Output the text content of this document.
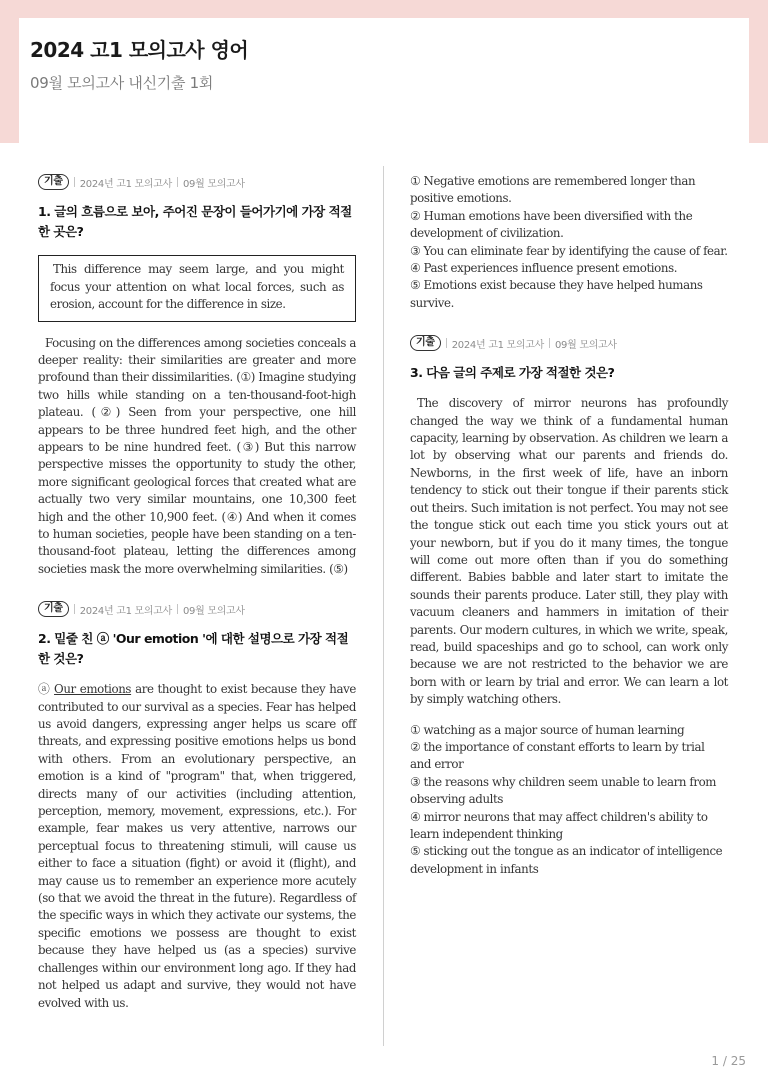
2024 고1 모의고사 영어
09월 모의고사 내신기출 1회
기출	2024년 고1 모의고사 09월 모의고사
1. 글의 흐름으로 보아, 주어진 문장이 들어가기에 가장 적절한 곳은?
This difference may seem large, and you might focus your attention on what local forces, such as erosion, account for the difference in size.
Focusing on the differences among societies conceals a deeper reality: their similarities are greater and more profound than their dissimilarities. (①) Imagine studying two hills while standing on a ten-thousand-foot-high plateau. (②) Seen from your perspective, one hill appears to be three hundred feet high, and the other appears to be nine hundred feet. (③) But this narrow perspective misses the opportunity to study the other, more significant geological forces that created what are actually two very similar mountains, one 10,300 feet high and the other 10,900 feet. (④) And when it comes to human societies, people have been standing on a ten-thousand-foot plateau, letting the differences among societies mask the more overwhelming similarities. (⑤)
기출	2024년 고1 모의고사 09월 모의고사
2. 밑줄 친 ⓐ 'Our emotion '에 대한 설명으로 가장 적절한 것은?
ⓐ Our emotions are thought to exist because they have contributed to our survival as a species. Fear has helped us avoid dangers, expressing anger helps us scare off threats, and expressing positive emotions helps us bond with others. From an evolutionary perspective, an emotion is a kind of "program" that, when triggered, directs many of our activities (including attention, perception, memory, movement, expressions, etc.). For example, fear makes us very attentive, narrows our perceptual focus to threatening stimuli, will cause us either to face a situation (fight) or avoid it (flight), and may cause us to remember an experience more acutely (so that we avoid the threat in the future). Regardless of the specific ways in which they activate our systems, the specific emotions we possess are thought to exist because they have helped us (as a species) survive challenges within our environment long ago. If they had not helped us adapt and survive, they would not have evolved with us.
① Negative emotions are remembered longer than positive emotions.
② Human emotions have been diversified with the development of civilization.
③ You can eliminate fear by identifying the cause of fear.
④ Past experiences influence present emotions.
⑤ Emotions exist because they have helped humans survive.
기출	2024년 고1 모의고사 09월 모의고사
3. 다음 글의 주제로 가장 적절한 것은?
The discovery of mirror neurons has profoundly changed the way we think of a fundamental human capacity, learning by observation. As children we learn a lot by observing what our parents and friends do. Newborns, in the first week of life, have an inborn tendency to stick out their tongue if their parents stick out theirs. Such imitation is not perfect. You may not see the tongue stick out each time you stick yours out at your newborn, but if you do it many times, the tongue will come out more often than if you do something different. Babies babble and later start to imitate the sounds their parents produce. Later still, they play with vacuum cleaners and hammers in imitation of their parents. Our modern cultures, in which we write, speak, read, build spaceships and go to school, can work only because we are not restricted to the behavior we are born with or learn by trial and error. We can learn a lot by simply watching others.
① watching as a major source of human learning
② the importance of constant efforts to learn by trial and error
③ the reasons why children seem unable to learn from observing adults
④ mirror neurons that may affect children's ability to learn independent thinking
⑤ sticking out the tongue as an indicator of intelligence development in infants
1 / 25
